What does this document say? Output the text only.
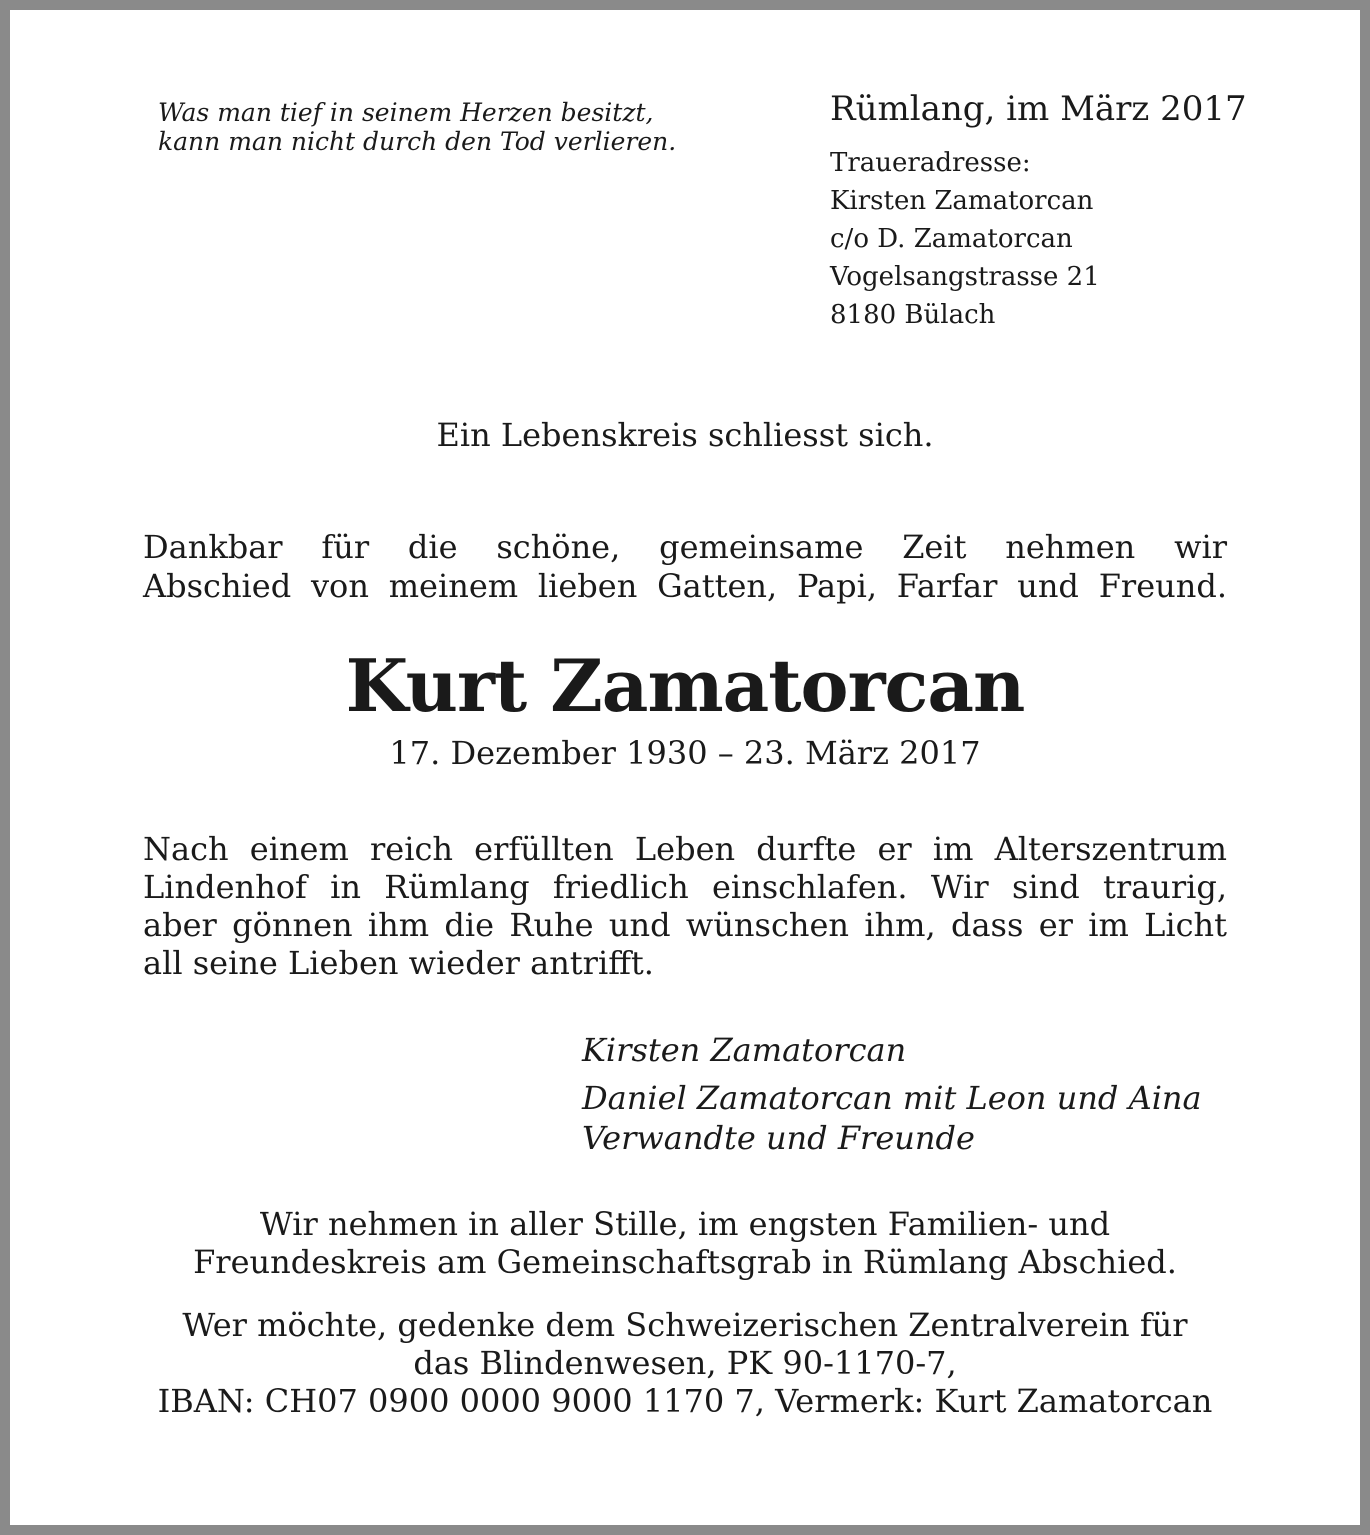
Was man tief in seinem Herzen besitzt,
kann man nicht durch den Tod verlieren.
Rümlang, im März 2017
Traueradresse:
Kirsten Zamatorcan
c/o D. Zamatorcan
Vogelsangstrasse 21
8180 Bülach
Ein Lebenskreis schliesst sich.
Dankbar für die schöne, gemeinsame Zeit nehmen wir
Abschied von meinem lieben Gatten, Papi, Farfar und Freund.
Kurt Zamatorcan
17. Dezember 1930 – 23. März 2017
Nach einem reich erfüllten Leben durfte er im Alterszentrum
Lindenhof in Rümlang friedlich einschlafen. Wir sind traurig,
aber gönnen ihm die Ruhe und wünschen ihm, dass er im Licht
all seine Lieben wieder antrifft.
Kirsten Zamatorcan
Daniel Zamatorcan mit Leon und Aina
Verwandte und Freunde
Wir nehmen in aller Stille, im engsten Familien- und
Freundeskreis am Gemeinschaftsgrab in Rümlang Abschied.
Wer möchte, gedenke dem Schweizerischen Zentralverein für
das Blindenwesen, PK 90-1170-7,
IBAN: CH07 0900 0000 9000 1170 7, Vermerk: Kurt Zamatorcan
